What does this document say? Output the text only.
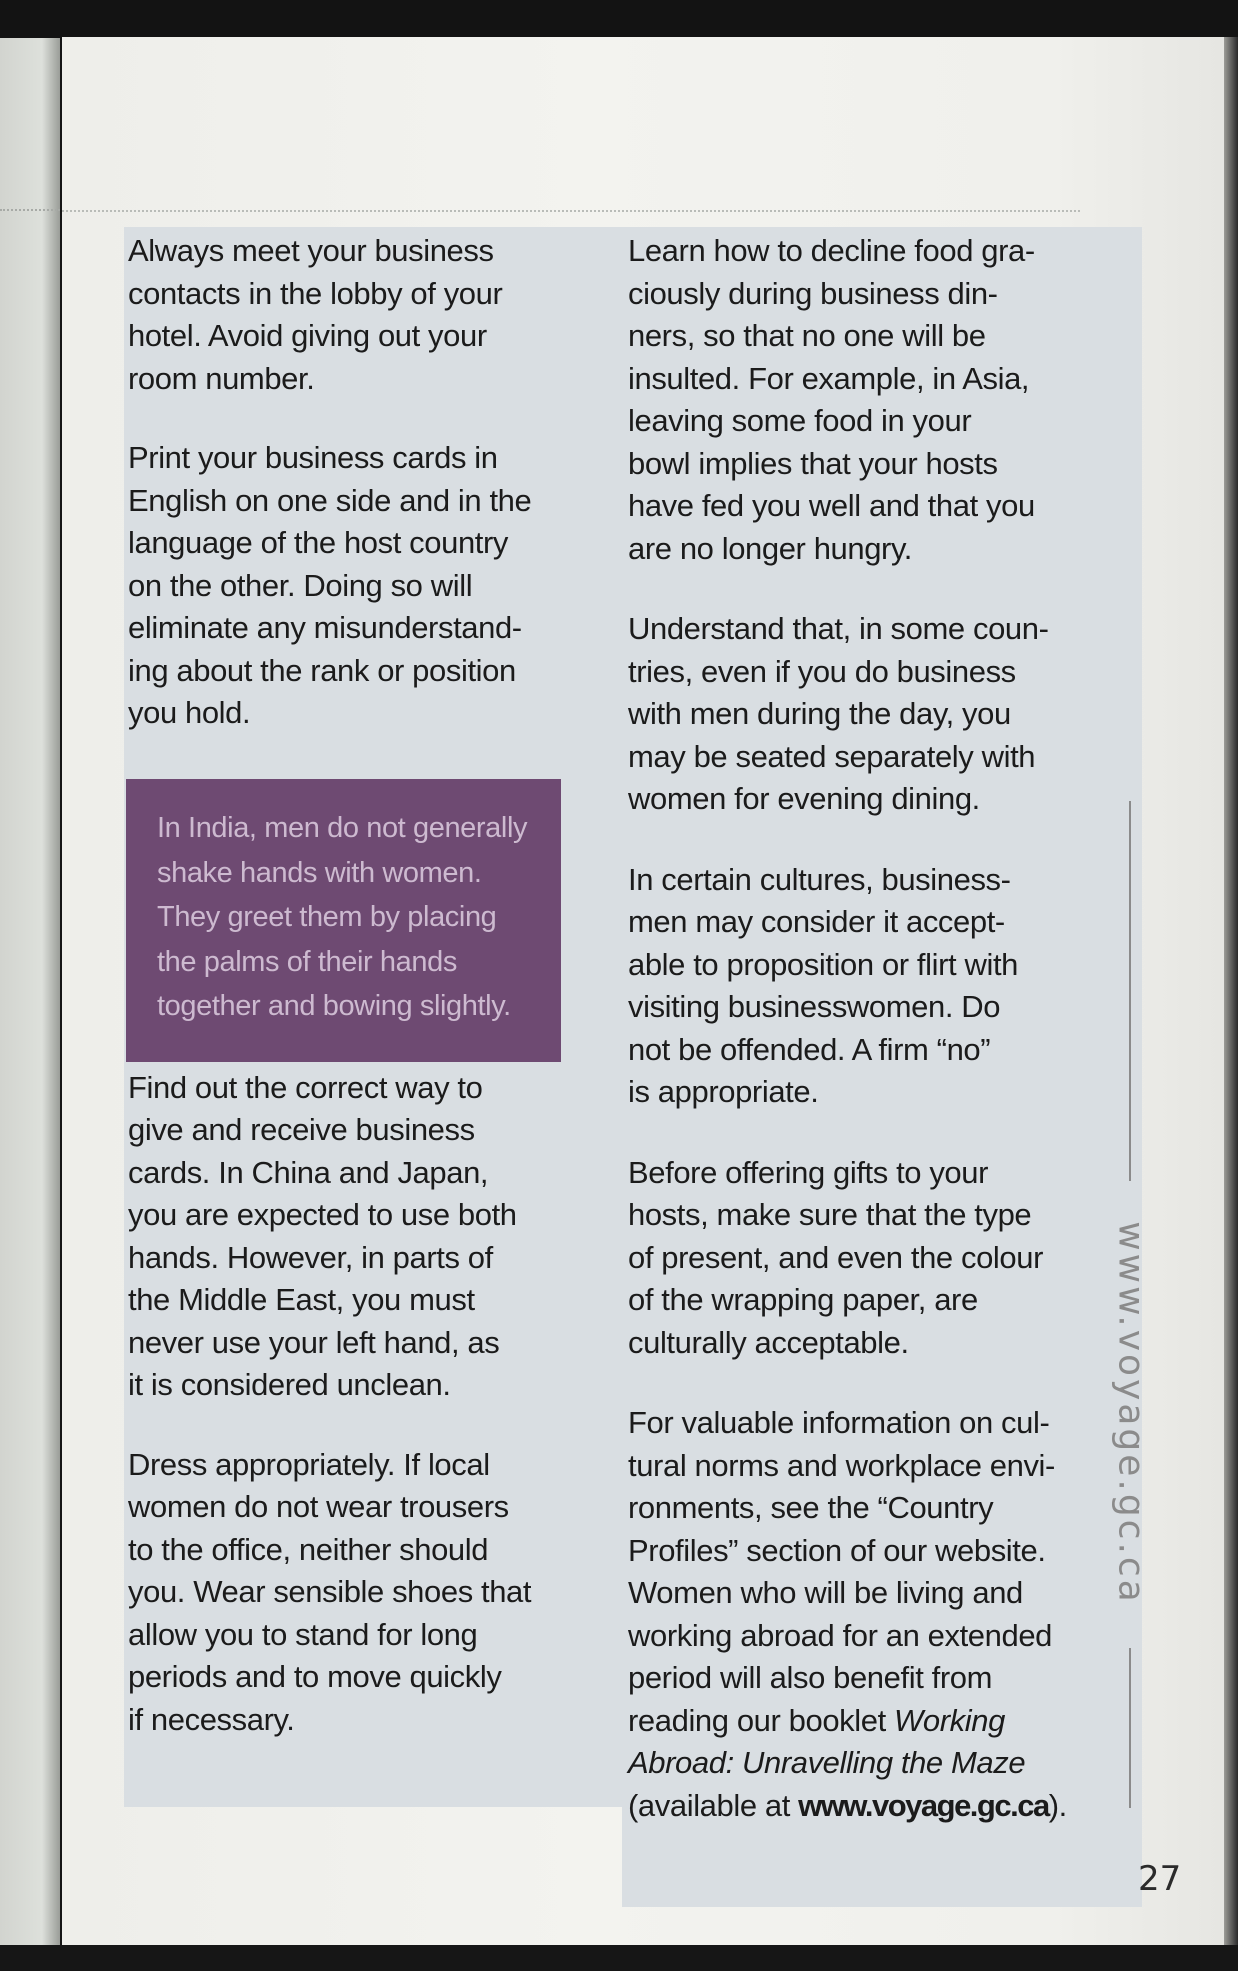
Always meet your business
contacts in the lobby of your
hotel. Avoid giving out your
room number.

Print your business cards in
English on one side and in the
language of the host country
on the other. Doing so will
eliminate any misunderstand-
ing about the rank or position
you hold.

Find out the correct way to
give and receive business
cards. In China and Japan,
you are expected to use both
hands. However, in parts of
the Middle East, you must
never use your left hand, as
it is considered unclean.

Dress appropriately. If local
women do not wear trousers
to the office, neither should
you. Wear sensible shoes that
allow you to stand for long
periods and to move quickly
if necessary.

In India, men do not generally
shake hands with women.
They greet them by placing
the palms of their hands
together and bowing slightly.

Learn how to decline food gra-
ciously during business din-
ners, so that no one will be
insulted. For example, in Asia,
leaving some food in your
bowl implies that your hosts
have fed you well and that you
are no longer hungry.

Understand that, in some coun-
tries, even if you do business
with men during the day, you
may be seated separately with
women for evening dining.

In certain cultures, business-
men may consider it accept-
able to proposition or flirt with
visiting businesswomen. Do
not be offended. A firm “no”
is appropriate.

Before offering gifts to your
hosts, make sure that the type
of present, and even the colour
of the wrapping paper, are
culturally acceptable.

For valuable information on cul-
tural norms and workplace envi-
ronments, see the “Country
Profiles” section of our website.
Women who will be living and
working abroad for an extended
period will also benefit from
reading our booklet Working
Abroad: Unravelling the Maze
(available at www.voyage.gc.ca).

www.voyage.gc.ca
27
